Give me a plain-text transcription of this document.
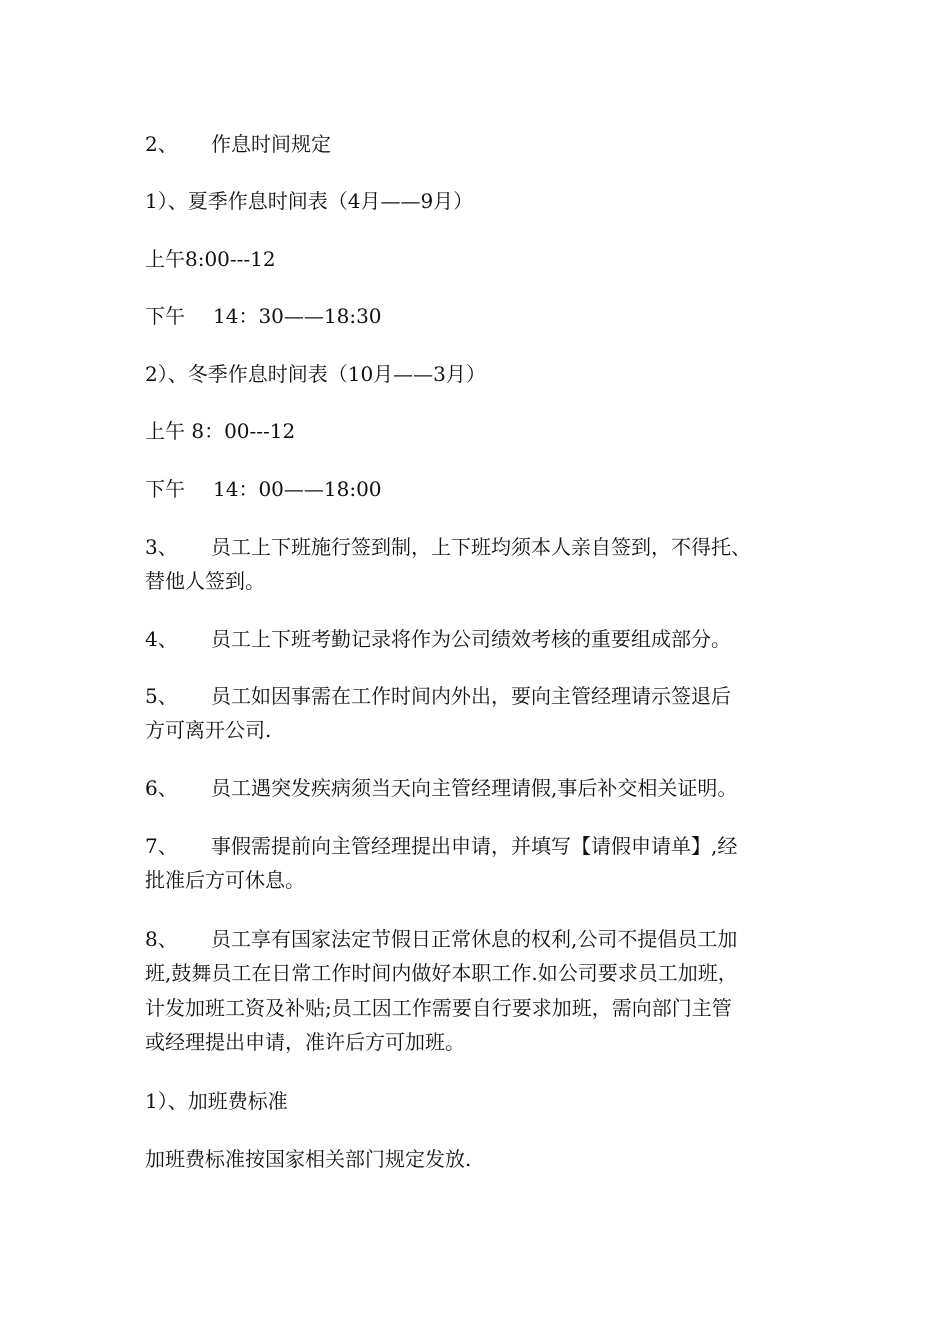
2、 作息时间规定
1）、夏季作息时间表（4月——9月）
上午8:00---12
下午 14：30——18:30
2）、冬季作息时间表（10月——3月）
上午 8：00---12
下午 14：00——18:00
3、 员工上下班施行签到制，上下班均须本人亲自签到，不得托、
替他人签到。
4、 员工上下班考勤记录将作为公司绩效考核的重要组成部分。
5、 员工如因事需在工作时间内外出，要向主管经理请示签退后
方可离开公司.
6、 员工遇突发疾病须当天向主管经理请假,事后补交相关证明。
7、 事假需提前向主管经理提出申请，并填写【请假申请单】,经
批准后方可休息。
8、 员工享有国家法定节假日正常休息的权利,公司不提倡员工加
班,鼓舞员工在日常工作时间内做好本职工作.如公司要求员工加班，
计发加班工资及补贴;员工因工作需要自行要求加班，需向部门主管
或经理提出申请，准许后方可加班。
1）、加班费标准
加班费标准按国家相关部门规定发放.
